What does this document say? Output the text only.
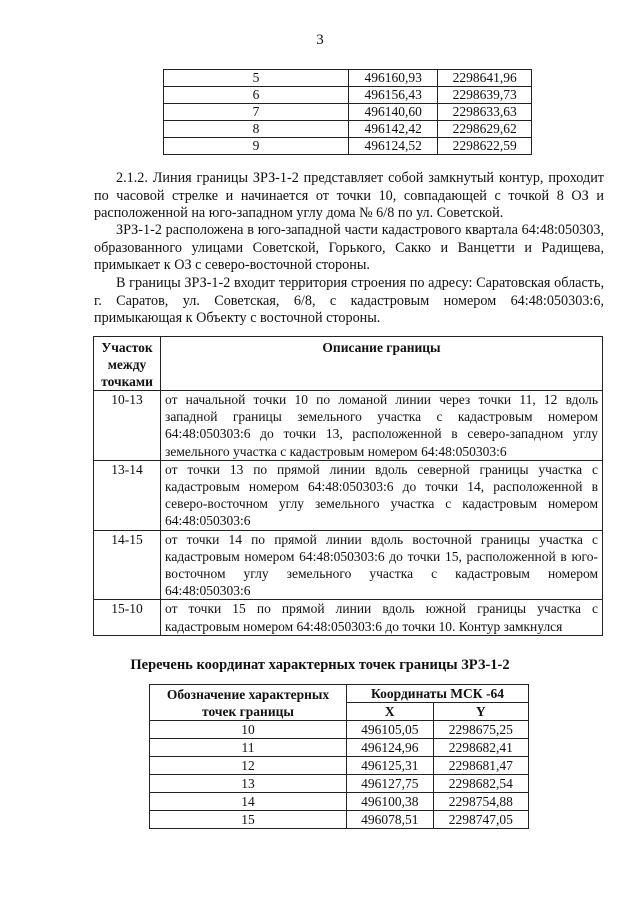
3
5	496160,93	2298641,96
6	496156,43	2298639,73
7	496140,60	2298633,63
8	496142,42	2298629,62
9	496124,52	2298622,59
2.1.2. Линия границы ЗРЗ-1-2 представляет собой замкнутый контур, проходит по часовой стрелке и начинается от точки 10, совпадающей с точкой 8 ОЗ и расположенной на юго-западном углу дома № 6/8 по ул. Советской.
ЗРЗ-1-2 расположена в юго-западной части кадастрового квартала 64:48:050303, образованного улицами Советской, Горького, Сакко и Ванцетти и Радищева, примыкает к ОЗ с северо-восточной стороны.
В границы ЗРЗ-1-2 входит территория строения по адресу: Саратовская область, г. Саратов, ул. Советская, 6/8, с кадастровым номером 64:48:050303:6, примыкающая к Объекту с восточной стороны.
Участок между точками	Описание границы
10-13	от начальной точки 10 по ломаной линии через точки 11, 12 вдоль западной границы земельного участка с кадастровым номером 64:48:050303:6 до точки 13, расположенной в северо-западном углу земельного участка с кадастровым номером 64:48:050303:6
13-14	от точки 13 по прямой линии вдоль северной границы участка с кадастровым номером 64:48:050303:6 до точки 14, расположенной в северо-восточном углу земельного участка с кадастровым номером 64:48:050303:6
14-15	от точки 14 по прямой линии вдоль восточной границы участка с кадастровым номером 64:48:050303:6 до точки 15, расположенной в юго-восточном углу земельного участка с кадастровым номером 64:48:050303:6
15-10	от точки 15 по прямой линии вдоль южной границы участка с кадастровым номером 64:48:050303:6 до точки 10. Контур замкнулся
Перечень координат характерных точек границы ЗРЗ-1-2
Обозначение характерных точек границы	Координаты МСК -64	
	X	Y
10	496105,05	2298675,25
11	496124,96	2298682,41
12	496125,31	2298681,47
13	496127,75	2298682,54
14	496100,38	2298754,88
15	496078,51	2298747,05
